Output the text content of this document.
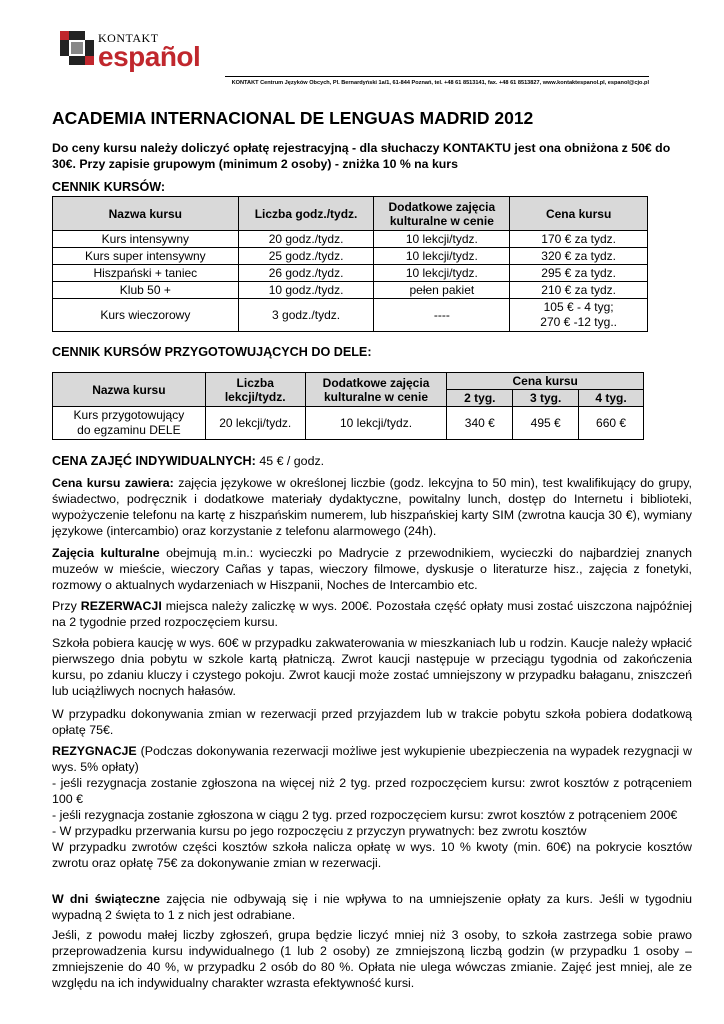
KONTAKT
español
KONTAKT Centrum Języków Obcych, Pl. Bernardyński 1a/1, 61-844 Poznań, tel. +48 61 8513141, fax. +48 61 8513827, www.kontaktespanol.pl, espanol@cjo.pl
ACADEMIA INTERNACIONAL DE LENGUAS MADRID 2012

Do ceny kursu należy doliczyć opłatę rejestracyjną - dla słuchaczy KONTAKTU jest ona obniżona z 50€ do 30€. Przy zapisie grupowym (minimum 2 osoby) - zniżka 10 % na kurs

CENNIK KURSÓW:

Nazwa kursu	Liczba godz./tydz.	Dodatkowe zajęcia kulturalne w cenie	Cena kursu
Kurs intensywny	20 godz./tydz.	10 lekcji/tydz.	170 € za tydz.
Kurs super intensywny	25 godz./tydz.	10 lekcji/tydz.	320 € za tydz.
Hiszpański + taniec	26 godz./tydz.	10 lekcji/tydz.	295 € za tydz.
Klub 50 +	10 godz./tydz.	pełen pakiet	210 € za tydz.
Kurs wieczorowy	3 godz./tydz.	----	105 € - 4 tyg;
270 € -12 tyg..

CENNIK KURSÓW PRZYGOTOWUJĄCYCH DO DELE:

Nazwa kursu	Liczba lekcji/tydz.	Dodatkowe zajęcia kulturalne w cenie	Cena kursu		
			2 tyg.	3 tyg.	4 tyg.

Kurs przygotowujący
do egzaminu DELE	20 lekcji/tydz.	10 lekcji/tydz.	340 €	495 €	660 €

CENA ZAJĘĆ INDYWIDUALNYCH: 45 € / godz.

Cena kursu zawiera: zajęcia językowe w określonej liczbie (godz. lekcyjna to 50 min), test kwalifikujący do grupy, świadectwo, podręcznik i dodatkowe materiały dydaktyczne, powitalny lunch, dostęp do Internetu i biblioteki, wypożyczenie telefonu na kartę z hiszpańskim numerem, lub hiszpańskiej karty SIM (zwrotna kaucja 30 €), wymiany językowe (intercambio) oraz korzystanie z telefonu alarmowego (24h).

Zajęcia kulturalne obejmują m.in.: wycieczki po Madrycie z przewodnikiem, wycieczki do najbardziej znanych muzeów w mieście, wieczory Cañas y tapas, wieczory filmowe, dyskusje o literaturze hisz., zajęcia z fonetyki, rozmowy o aktualnych wydarzeniach w Hiszpanii, Noches de Intercambio etc.

Przy REZERWACJI miejsca należy zaliczkę w wys. 200€. Pozostała część opłaty musi zostać uiszczona najpóźniej na 2 tygodnie przed rozpoczęciem kursu.

Szkoła pobiera kaucję w wys. 60€ w przypadku zakwaterowania w mieszkaniach lub u rodzin. Kaucje należy wpłacić pierwszego dnia pobytu w szkole kartą płatniczą. Zwrot kaucji następuje w przeciągu tygodnia od zakończenia kursu, po zdaniu kluczy i czystego pokoju. Zwrot kaucji może zostać umniejszony w przypadku bałaganu, zniszczeń lub uciążliwych nocnych hałasów.

W przypadku dokonywania zmian w rezerwacji przed przyjazdem lub w trakcie pobytu szkoła pobiera dodatkową opłatę 75€.

REZYGNACJE (Podczas dokonywania rezerwacji możliwe jest wykupienie ubezpieczenia na wypadek rezygnacji w wys. 5% opłaty)
- jeśli rezygnacja zostanie zgłoszona na więcej niż 2 tyg. przed rozpoczęciem kursu: zwrot kosztów z potrąceniem 100 €
- jeśli rezygnacja zostanie zgłoszona w ciągu 2 tyg. przed rozpoczęciem kursu: zwrot kosztów z potrąceniem 200€
- W przypadku przerwania kursu po jego rozpoczęciu z przyczyn prywatnych: bez zwrotu kosztów
W przypadku zwrotów części kosztów szkoła nalicza opłatę w wys. 10 % kwoty (min. 60€) na pokrycie kosztów zwrotu oraz opłatę 75€ za dokonywanie zmian w rezerwacji.

W dni świąteczne zajęcia nie odbywają się i nie wpływa to na umniejszenie opłaty za kurs. Jeśli w tygodniu wypadną 2 święta to 1 z nich jest odrabiane.

Jeśli, z powodu małej liczby zgłoszeń, grupa będzie liczyć mniej niż 3 osoby, to szkoła zastrzega sobie prawo przeprowadzenia kursu indywidualnego (1 lub 2 osoby) ze zmniejszoną liczbą godzin (w przypadku 1 osoby – zmniejszenie do 40 %, w przypadku 2 osób do 80 %. Opłata nie ulega wówczas zmianie. Zajęć jest mniej, ale ze względu na ich indywidualny charakter wzrasta efektywność kursi.
